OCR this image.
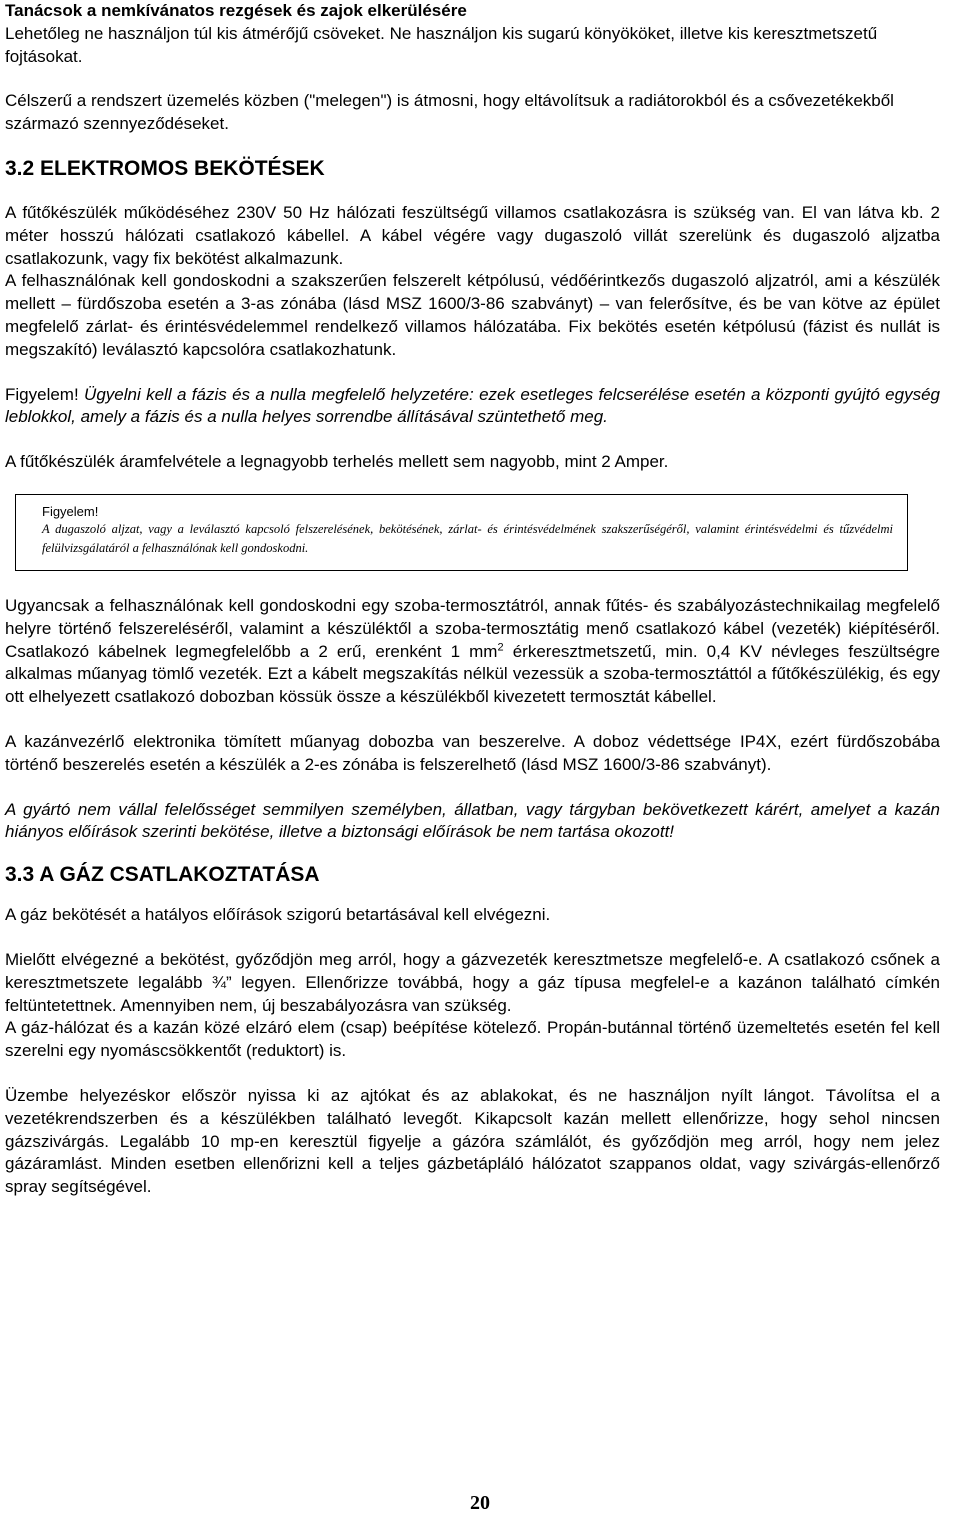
Tanácsok a nemkívánatos rezgések és zajok elkerülésére

Lehetőleg ne használjon túl kis átmérőjű csöveket. Ne használjon kis sugarú könyököket, illetve kis keresztmetszetű fojtásokat.

Célszerű a rendszert üzemelés közben ("melegen") is átmosni, hogy eltávolítsuk a radiátorokból és a csővezetékekből származó szennyeződéseket.

3.2 ELEKTROMOS BEKÖTÉSEK

A fűtőkészülék működéséhez 230V 50 Hz hálózati feszültségű villamos csatlakozásra is szükség van. El van látva kb. 2 méter hosszú hálózati csatlakozó kábellel. A kábel végére vagy dugaszoló villát szerelünk és dugaszoló aljzatba csatlakozunk, vagy fix bekötést alkalmazunk.

A felhasználónak kell gondoskodni a szakszerűen felszerelt kétpólusú, védőérintkezős dugaszoló aljzatról, ami a készülék mellett – fürdőszoba esetén a 3-as zónába (lásd MSZ 1600/3-86 szabványt) – van felerősítve, és be van kötve az épület megfelelő zárlat- és érintésvédelemmel rendelkező villamos hálózatába. Fix bekötés esetén kétpólusú (fázist és nullát is megszakító) leválasztó kapcsolóra csatlakozhatunk.

Figyelem! Ügyelni kell a fázis és a nulla megfelelő helyzetére: ezek esetleges felcserélése esetén a központi gyújtó egység leblokkol, amely a fázis és a nulla helyes sorrendbe állításával szüntethető meg.

A fűtőkészülék áramfelvétele a legnagyobb terhelés mellett sem nagyobb, mint 2 Amper.

Figyelem!

A dugaszoló aljzat, vagy a leválasztó kapcsoló felszerelésének, bekötésének, zárlat- és érintésvédelmének szakszerűségéről, valamint érintésvédelmi és tűzvédelmi felülvizsgálatáról a felhasználónak kell gondoskodni.

Ugyancsak a felhasználónak kell gondoskodni egy szoba-termosztátról, annak fűtés- és szabályozástechnikailag megfelelő helyre történő felszereléséről, valamint a készüléktől a szoba-termosztátig menő csatlakozó kábel (vezeték) kiépítéséről. Csatlakozó kábelnek legmegfelelőbb a 2 erű, erenként 1 $mm^2$ érkeresztmetszetű, min. 0,4 KV névleges feszültségre alkalmas műanyag tömlő vezeték. Ezt a kábelt megszakítás nélkül vezessük a szoba-termosztáttól a fűtőkészülékig, és egy ott elhelyezett csatlakozó dobozban kössük össze a készülékből kivezetett termosztát kábellel.

A kazánvezérlő elektronika tömített műanyag dobozba van beszerelve. A doboz védettsége IP4X, ezért fürdőszobába történő beszerelés esetén a készülék a 2-es zónába is felszerelhető (lásd MSZ 1600/3-86 szabványt).

A gyártó nem vállal felelősséget semmilyen személyben, állatban, vagy tárgyban bekövetkezett kárért, amelyet a kazán hiányos előírások szerinti bekötése, illetve a biztonsági előírások be nem tartása okozott!

3.3 A GÁZ CSATLAKOZTATÁSA

A gáz bekötését a hatályos előírások szigorú betartásával kell elvégezni.

Mielőtt elvégezné a bekötést, győződjön meg arról, hogy a gázvezeték keresztmetsze megfelelő-e. A csatlakozó csőnek a keresztmetszete legalább ¾” legyen. Ellenőrizze továbbá, hogy a gáz típusa megfelel-e a kazánon található címkén feltüntetettnek. Amennyiben nem, új beszabályozásra van szükség.

A gáz-hálózat és a kazán közé elzáró elem (csap) beépítése kötelező. Propán-butánnal történő üzemeltetés esetén fel kell szerelni egy nyomáscsökkentőt (reduktort) is.

Üzembe helyezéskor először nyissa ki az ajtókat és az ablakokat, és ne használjon nyílt lángot. Távolítsa el a vezetékrendszerben és a készülékben található levegőt. Kikapcsolt kazán mellett ellenőrizze, hogy sehol nincsen gázszivárgás. Legalább 10 mp-en keresztül figyelje a gázóra számlálót, és győződjön meg arról, hogy nem jelez gázáramlást. Minden esetben ellenőrizni kell a teljes gázbetápláló hálózatot szappanos oldat, vagy szivárgás-ellenőrző spray segítségével.

20
